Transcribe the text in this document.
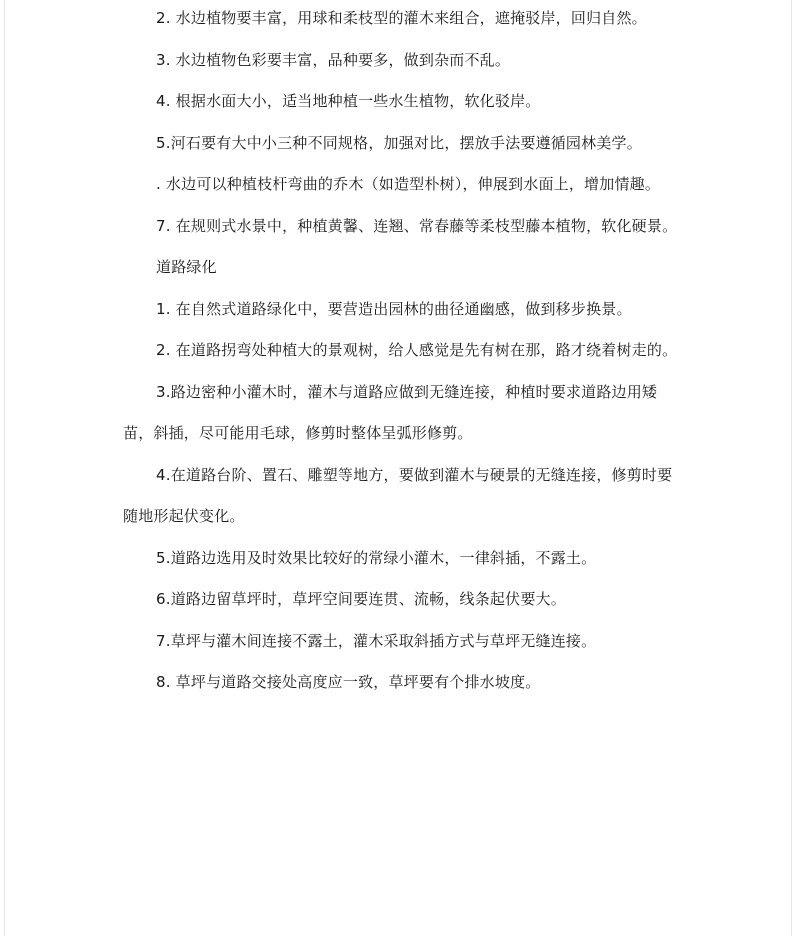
2. 水边植物要丰富，用球和柔枝型的灌木来组合，遮掩驳岸，回归自然。

3. 水边植物色彩要丰富，品种要多，做到杂而不乱。

4. 根据水面大小，适当地种植一些水生植物，软化驳岸。

5.河石要有大中小三种不同规格，加强对比，摆放手法要遵循园林美学。

. 水边可以种植枝杆弯曲的乔木（如造型朴树），伸展到水面上，增加情趣。

7. 在规则式水景中，种植黄馨、连翘、常春藤等柔枝型藤本植物，软化硬景。

道路绿化

1. 在自然式道路绿化中，要营造出园林的曲径通幽感，做到移步换景。

2. 在道路拐弯处种植大的景观树，给人感觉是先有树在那，路才绕着树走的。

3.路边密种小灌木时，灌木与道路应做到无缝连接，种植时要求道路边用矮苗，斜插，尽可能用毛球，修剪时整体呈弧形修剪。

4.在道路台阶、置石、雕塑等地方，要做到灌木与硬景的无缝连接，修剪时要随地形起伏变化。

5.道路边选用及时效果比较好的常绿小灌木，一律斜插，不露土。

6.道路边留草坪时，草坪空间要连贯、流畅，线条起伏要大。

7.草坪与灌木间连接不露土，灌木采取斜插方式与草坪无缝连接。

8. 草坪与道路交接处高度应一致，草坪要有个排水坡度。
